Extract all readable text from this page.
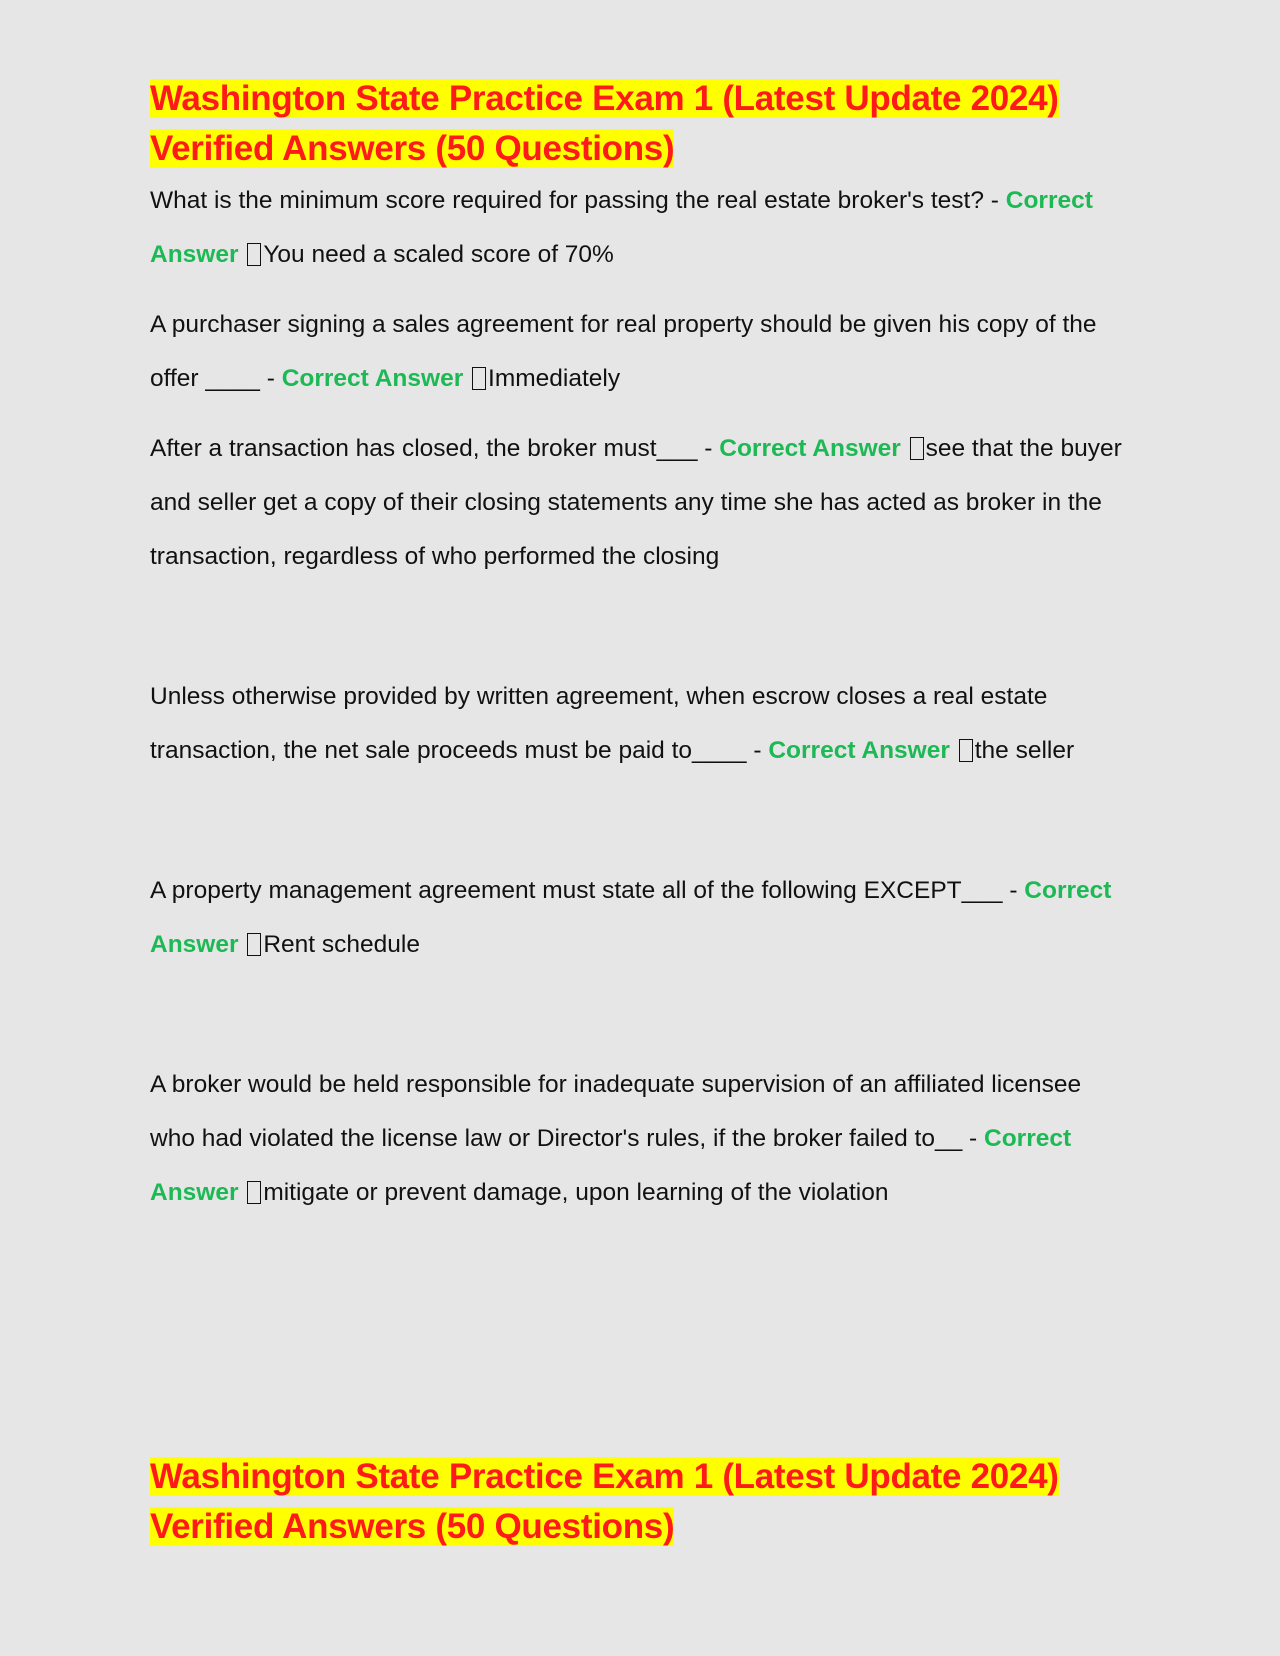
Washington State Practice Exam 1 (Latest Update 2024) Verified Answers (50 Questions)

What is the minimum score required for passing the real estate broker's test? - Correct Answer You need a scaled score of 70%

A purchaser signing a sales agreement for real property should be given his copy of the offer ____ - Correct Answer Immediately

After a transaction has closed, the broker must___ - Correct Answer see that the buyer and seller get a copy of their closing statements any time she has acted as broker in the transaction, regardless of who performed the closing

Unless otherwise provided by written agreement, when escrow closes a real estate transaction, the net sale proceeds must be paid to____ - Correct Answer the seller

A property management agreement must state all of the following EXCEPT___ - Correct Answer Rent schedule

A broker would be held responsible for inadequate supervision of an affiliated licensee who had violated the license law or Director's rules, if the broker failed to__ - Correct Answer mitigate or prevent damage, upon learning of the violation

Washington State Practice Exam 1 (Latest Update 2024) Verified Answers (50 Questions)
